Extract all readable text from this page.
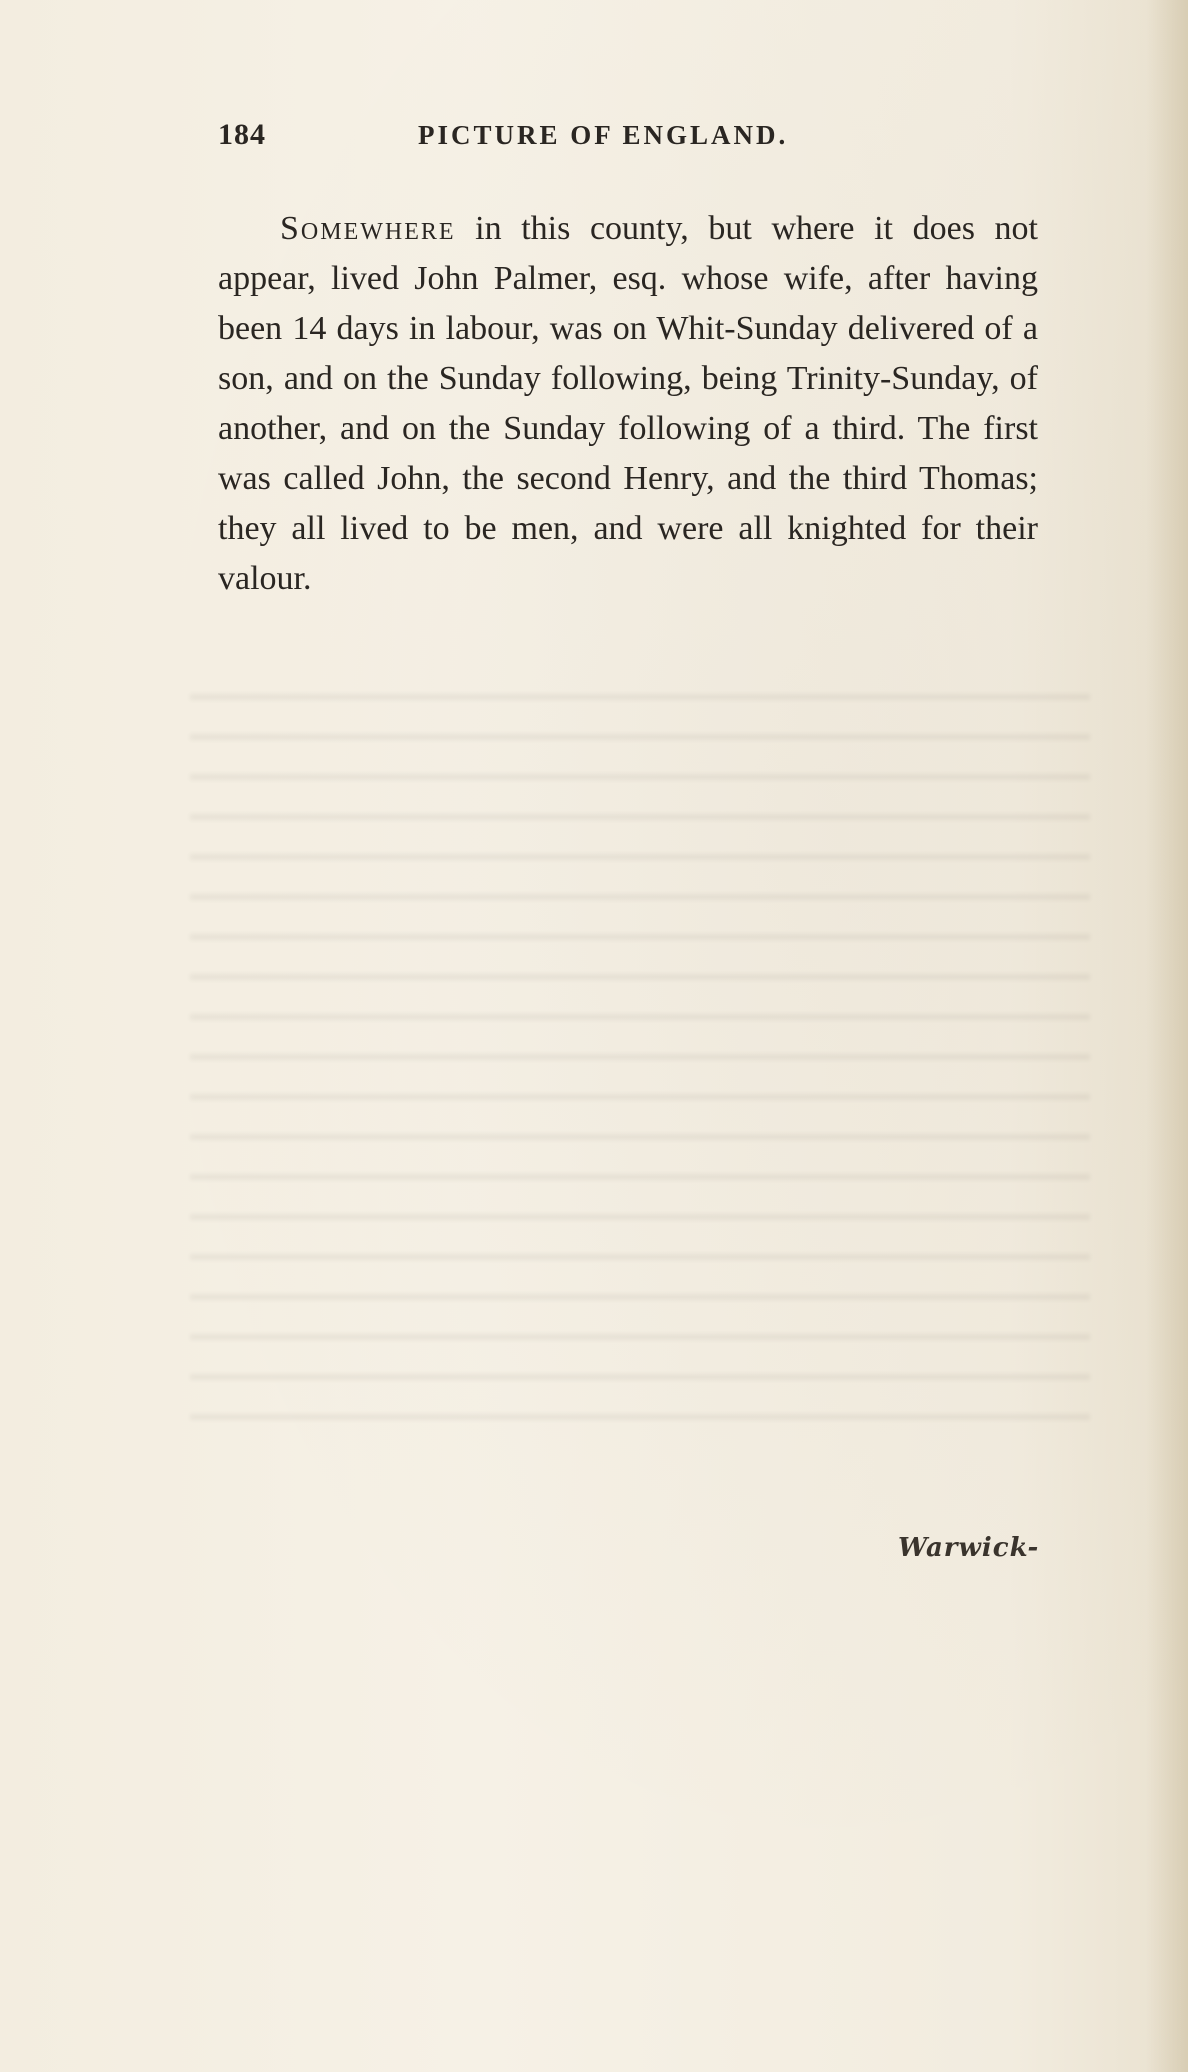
184	PICTURE OF ENGLAND.

Somewhere in this county, but where it does not appear, lived John Palmer, esq. whose wife, after having been 14 days in labour, was on Whit-Sunday delivered of a son, and on the Sunday following, being Trinity-Sunday, of another, and on the Sunday following of a third. The first was called John, the second Henry, and the third Thomas; they all lived to be men, and were all knighted for their valour.

Warwick-
